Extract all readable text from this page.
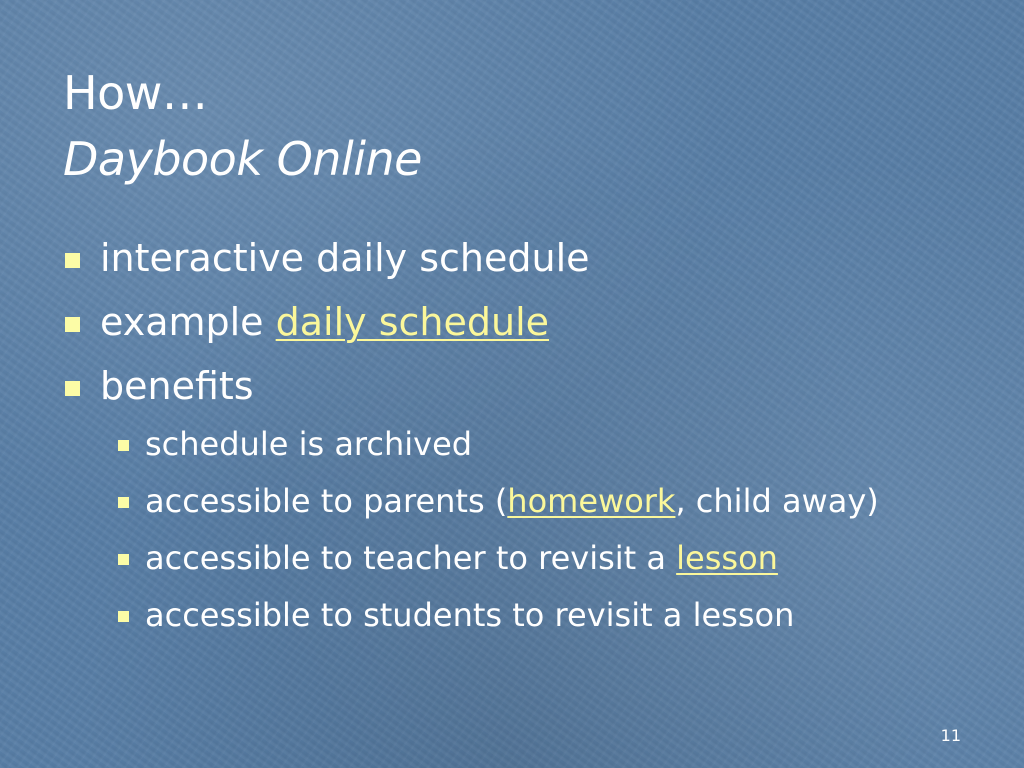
How…
Daybook Online
interactive daily schedule
example daily schedule
benefits
schedule is archived
accessible to parents (homework, child away)
accessible to teacher to revisit a lesson
accessible to students to revisit a lesson
11
